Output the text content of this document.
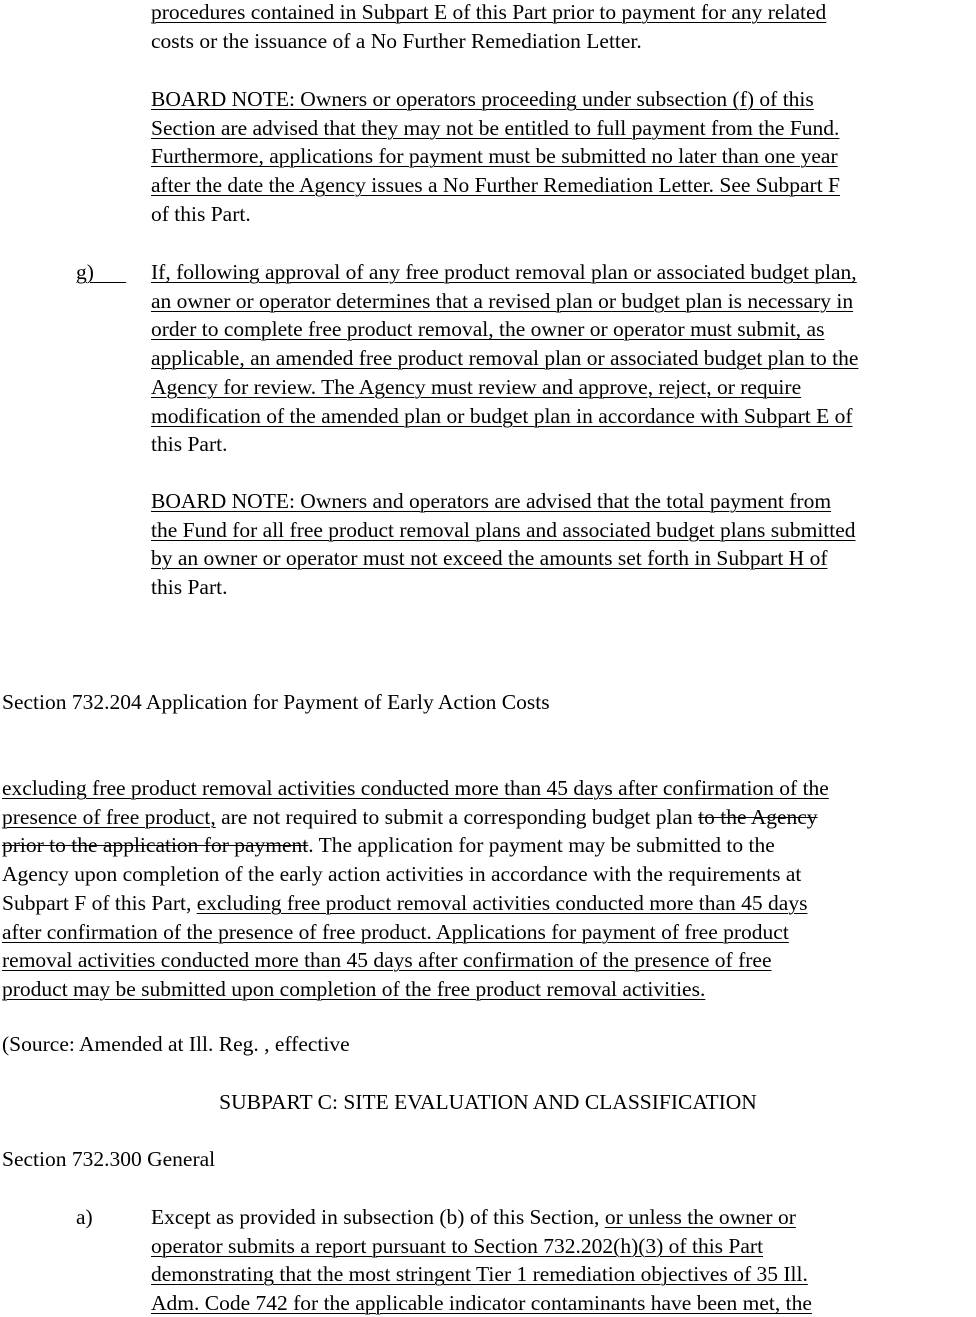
procedures contained in Subpart E of this Part prior to payment for any related
costs or the issuance of a No Further Remediation Letter.
BOARD NOTE: Owners or operators proceeding under subsection (f) of this
Section are advised that they may not be entitled to full payment from the Fund.
Furthermore, applications for payment must be submitted no later than one year
after the date the Agency issues a No Further Remediation Letter. See Subpart F
of this Part.
g)	If, following approval of any free product removal plan or associated budget plan,
an owner or operator determines that a revised plan or budget plan is necessary in
order to complete free product removal, the owner or operator must submit, as
applicable, an amended free product removal plan or associated budget plan to the
Agency for review. The Agency must review and approve, reject, or require
modification of the amended plan or budget plan in accordance with Subpart E of
this Part.
BOARD NOTE: Owners and operators are advised that the total payment from
the Fund for all free product removal plans and associated budget plans submitted
by an owner or operator must not exceed the amounts set forth in Subpart H of
this Part.
Section 732.204 Application for Payment of Early Action Costs
excluding free product removal activities conducted more than 45 days after confirmation of the
presence of free product, are not required to submit a corresponding budget plan to the Agency
prior to the application for payment. The application for payment may be submitted to the
Agency upon completion of the early action activities in accordance with the requirements at
Subpart F of this Part, excluding free product removal activities conducted more than 45 days
after confirmation of the presence of free product. Applications for payment of free product
removal activities conducted more than 45 days after confirmation of the presence of free
product may be submitted upon completion of the free product removal activities.
(Source: Amended at Ill. Reg. , effective
SUBPART C: SITE EVALUATION AND CLASSIFICATION
Section 732.300 General
a)	Except as provided in subsection (b) of this Section, or unless the owner or
operator submits a report pursuant to Section 732.202(h)(3) of this Part
demonstrating that the most stringent Tier 1 remediation objectives of 35 Ill.
Adm. Code 742 for the applicable indicator contaminants have been met, the
